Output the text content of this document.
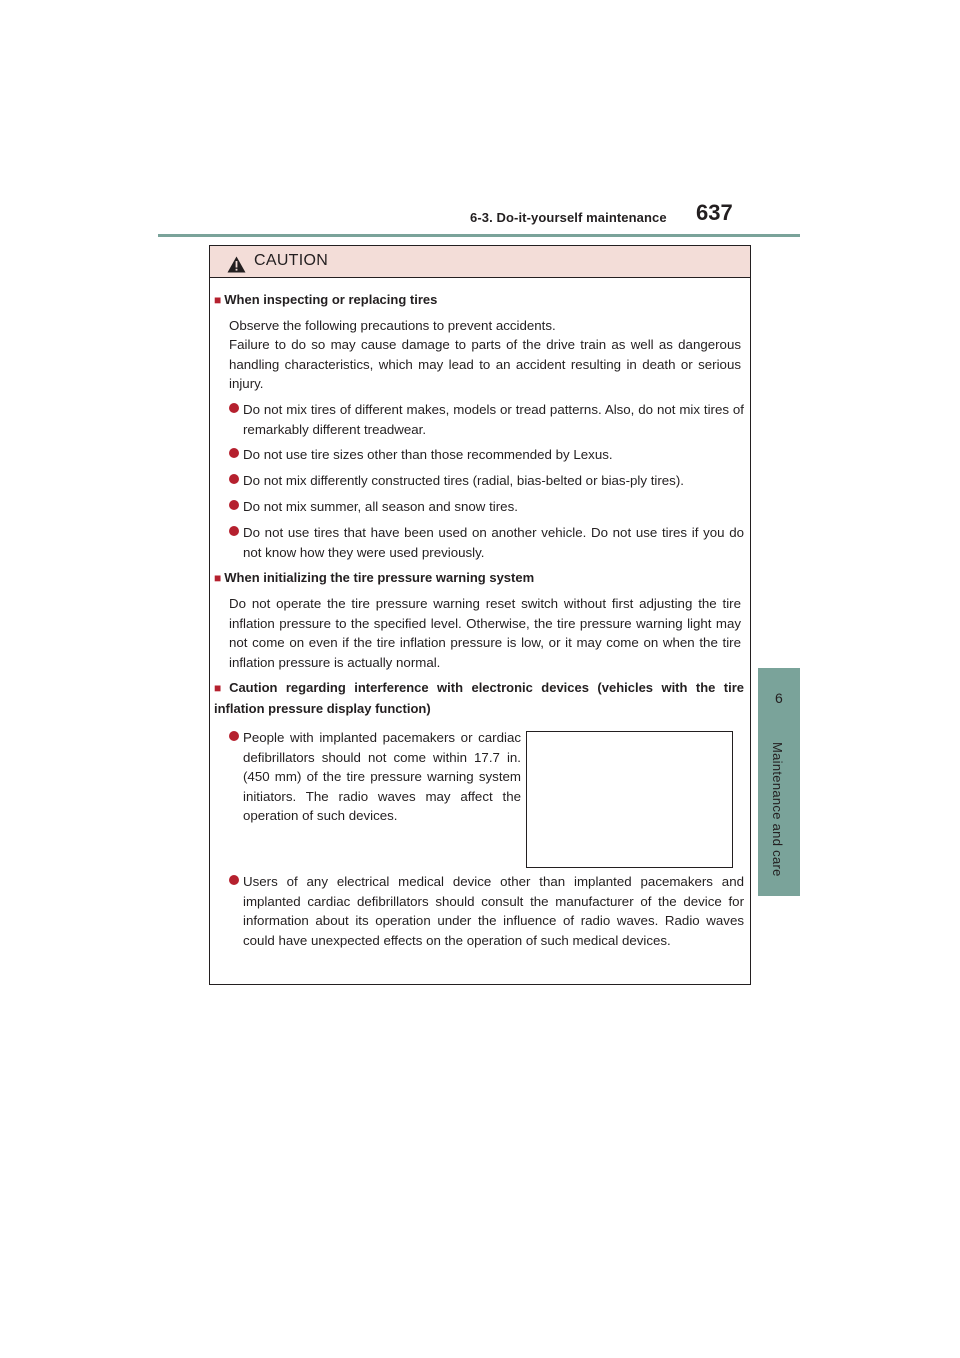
6-3. Do-it-yourself maintenance 637
6
Maintenance and care
CAUTION
■ When inspecting or replacing tires
Observe the following precautions to prevent accidents.
Failure to do so may cause damage to parts of the drive train as well as dangerous handling characteristics, which may lead to an accident resulting in death or serious injury.
Do not mix tires of different makes, models or tread patterns. Also, do not mix tires of remarkably different treadwear.
Do not use tire sizes other than those recommended by Lexus.
Do not mix differently constructed tires (radial, bias-belted or bias-ply tires).
Do not mix summer, all season and snow tires.
Do not use tires that have been used on another vehicle. Do not use tires if you do not know how they were used previously.
■ When initializing the tire pressure warning system
Do not operate the tire pressure warning reset switch without first adjusting the tire inflation pressure to the specified level. Otherwise, the tire pressure warning light may not come on even if the tire inflation pressure is low, or it may come on when the tire inflation pressure is actually normal.
■ Caution regarding interference with electronic devices (vehicles with the tire inflation pressure display function)
People with implanted pacemakers or cardiac defibrillators should not come within 17.7 in. (450 mm) of the tire pressure warning system initiators. The radio waves may affect the operation of such devices.
Users of any electrical medical device other than implanted pacemakers and implanted cardiac defibrillators should consult the manufacturer of the device for information about its operation under the influence of radio waves. Radio waves could have unexpected effects on the operation of such medical devices.
